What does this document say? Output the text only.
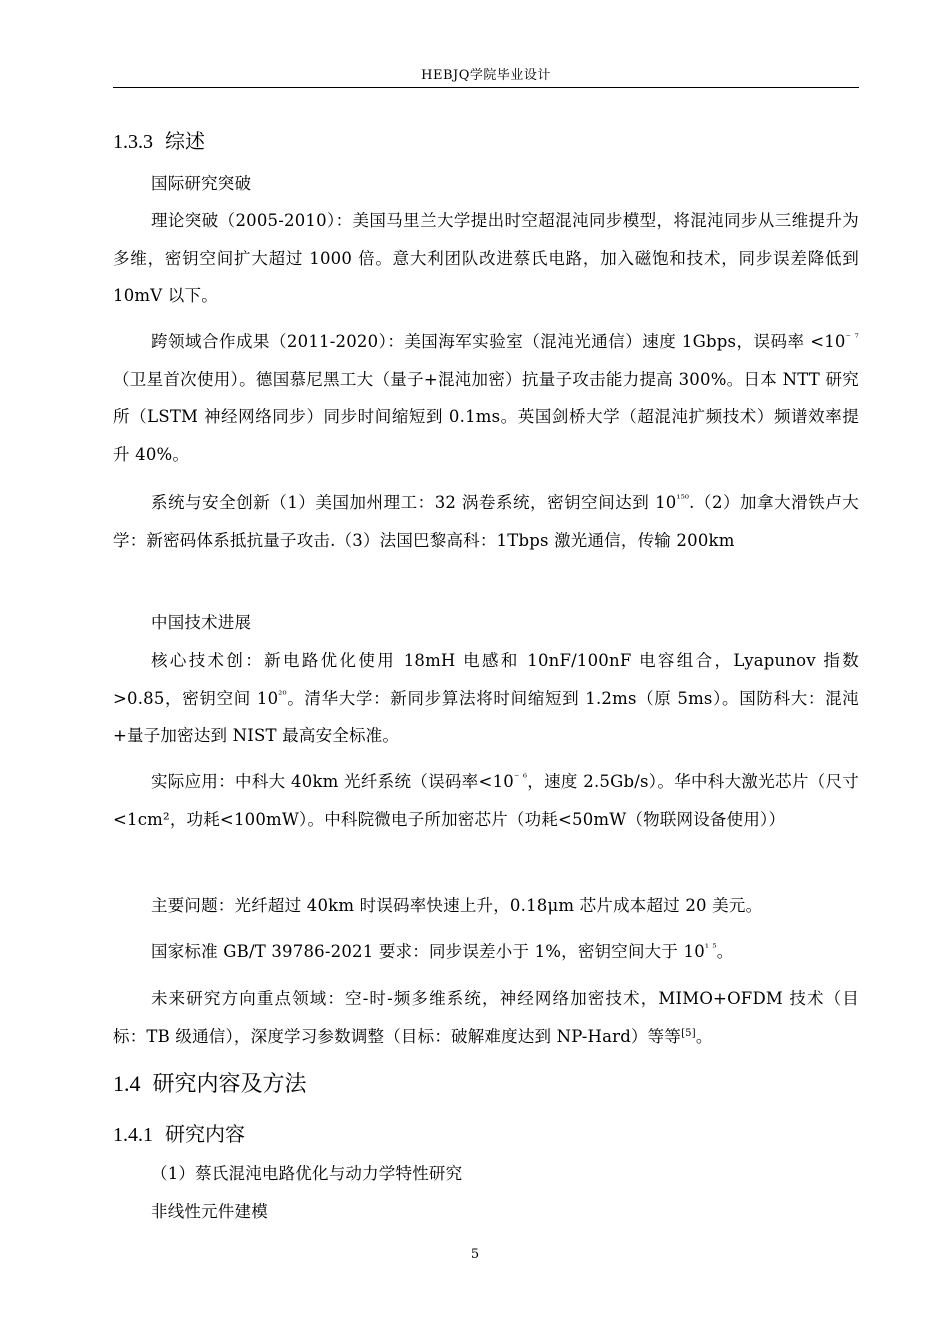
HEBJQ学院毕业设计
1.3.3 综述

国际研究突破

理论突破（2005-2010）：美国马里兰大学提出时空超混沌同步模型，将混沌同步从三维提升为多维，密钥空间扩大超过 1000 倍。意大利团队改进蔡氏电路，加入磁饱和技术，同步误差降低到 10mV 以下。

跨领域合作成果（2011-2020）：美国海军实验室（混沌光通信）速度 1Gbps，误码率 $<10^{^- ^7}$（卫星首次使用）。德国慕尼黑工大（量子+混沌加密）抗量子攻击能力提高 300%。日本 NTT 研究所（LSTM 神经网络同步）同步时间缩短到 0.1ms。英国剑桥大学（超混沌扩频技术）频谱效率提升 40%。

系统与安全创新（1）美国加州理工：32 涡卷系统，密钥空间达到 $10^{^{150}}.(2)$加拿大滑铁卢大学：新密码体系抵抗量子攻击.（3）法国巴黎高科：1Tbps 激光通信，传输 200km

中国技术进展

核心技术创：新电路优化使用 18mH 电感和 10nF/100nF 电容组合，Lyapunov 指数>0.85，密钥空间 $10^{^{20}}$。清华大学：新同步算法将时间缩短到 1.2ms（原 5ms）。国防科大：混沌+量子加密达到 NIST 最高安全标准。

实际应用：中科大 40km 光纤系统（误码率$<10^{^- ^6}$，速度 2.5Gb/s）。华中科大激光芯片（尺寸<1cm²，功耗<100mW）。中科院微电子所加密芯片（功耗<50mW（物联网设备使用））

主要问题：光纤超过 40km 时误码率快速上升，0.18μm 芯片成本超过 20 美元。

国家标准 GB/T 39786-2021 要求：同步误差小于 1%，密钥空间大于 $10^{^1 ^5}$。

未来研究方向重点领域：空-时-频多维系统，神经网络加密技术，MIMO+OFDM 技术（目标：TB 级通信），深度学习参数调整（目标：破解难度达到 NP-Hard）等等[5]。

1.4 研究内容及方法
1.4.1 研究内容

（1）蔡氏混沌电路优化与动力学特性研究

非线性元件建模

5
